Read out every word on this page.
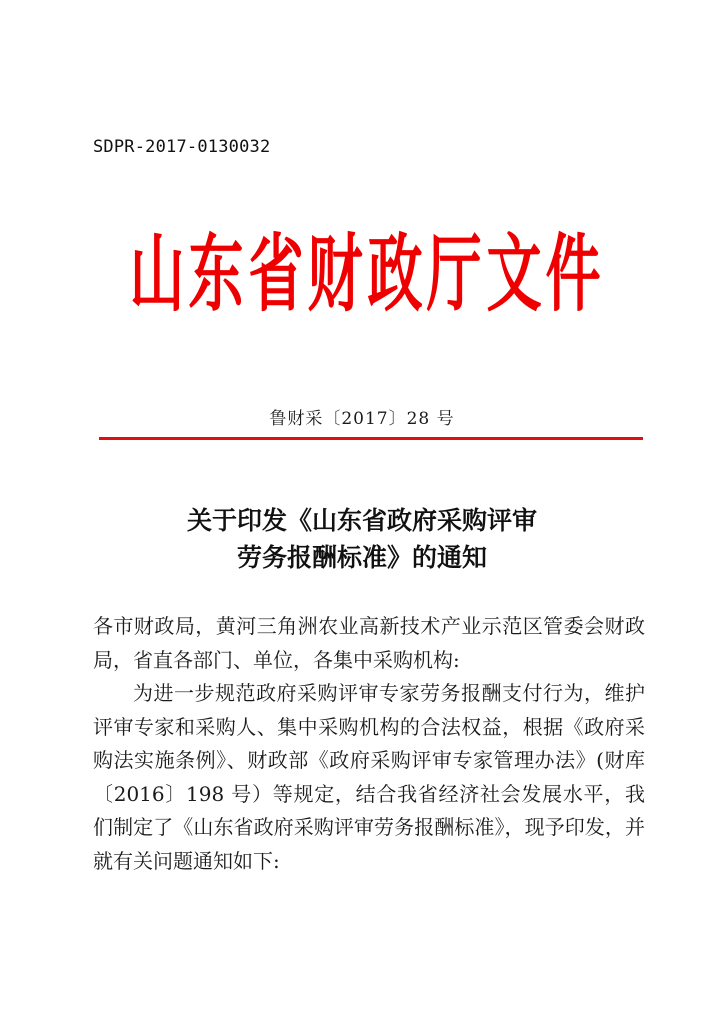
SDPR-2017-0130032
山 东 省 财 政 厅 文 件
鲁财采〔2017〕28 号
关于印发《山东省政府采购评审
劳务报酬标准》的通知

各市财政局，黄河三角洲农业高新技术产业示范区管委会财政局，省直各部门、单位，各集中采购机构:

为进一步规范政府采购评审专家劳务报酬支付行为，维护评审专家和采购人、集中采购机构的合法权益，根据《政府采购法实施条例》、财政部《政府采购评审专家管理办法》(财库〔2016〕198 号）等规定，结合我省经济社会发展水平，我们制定了《山东省政府采购评审劳务报酬标准》，现予印发，并就有关问题通知如下:
